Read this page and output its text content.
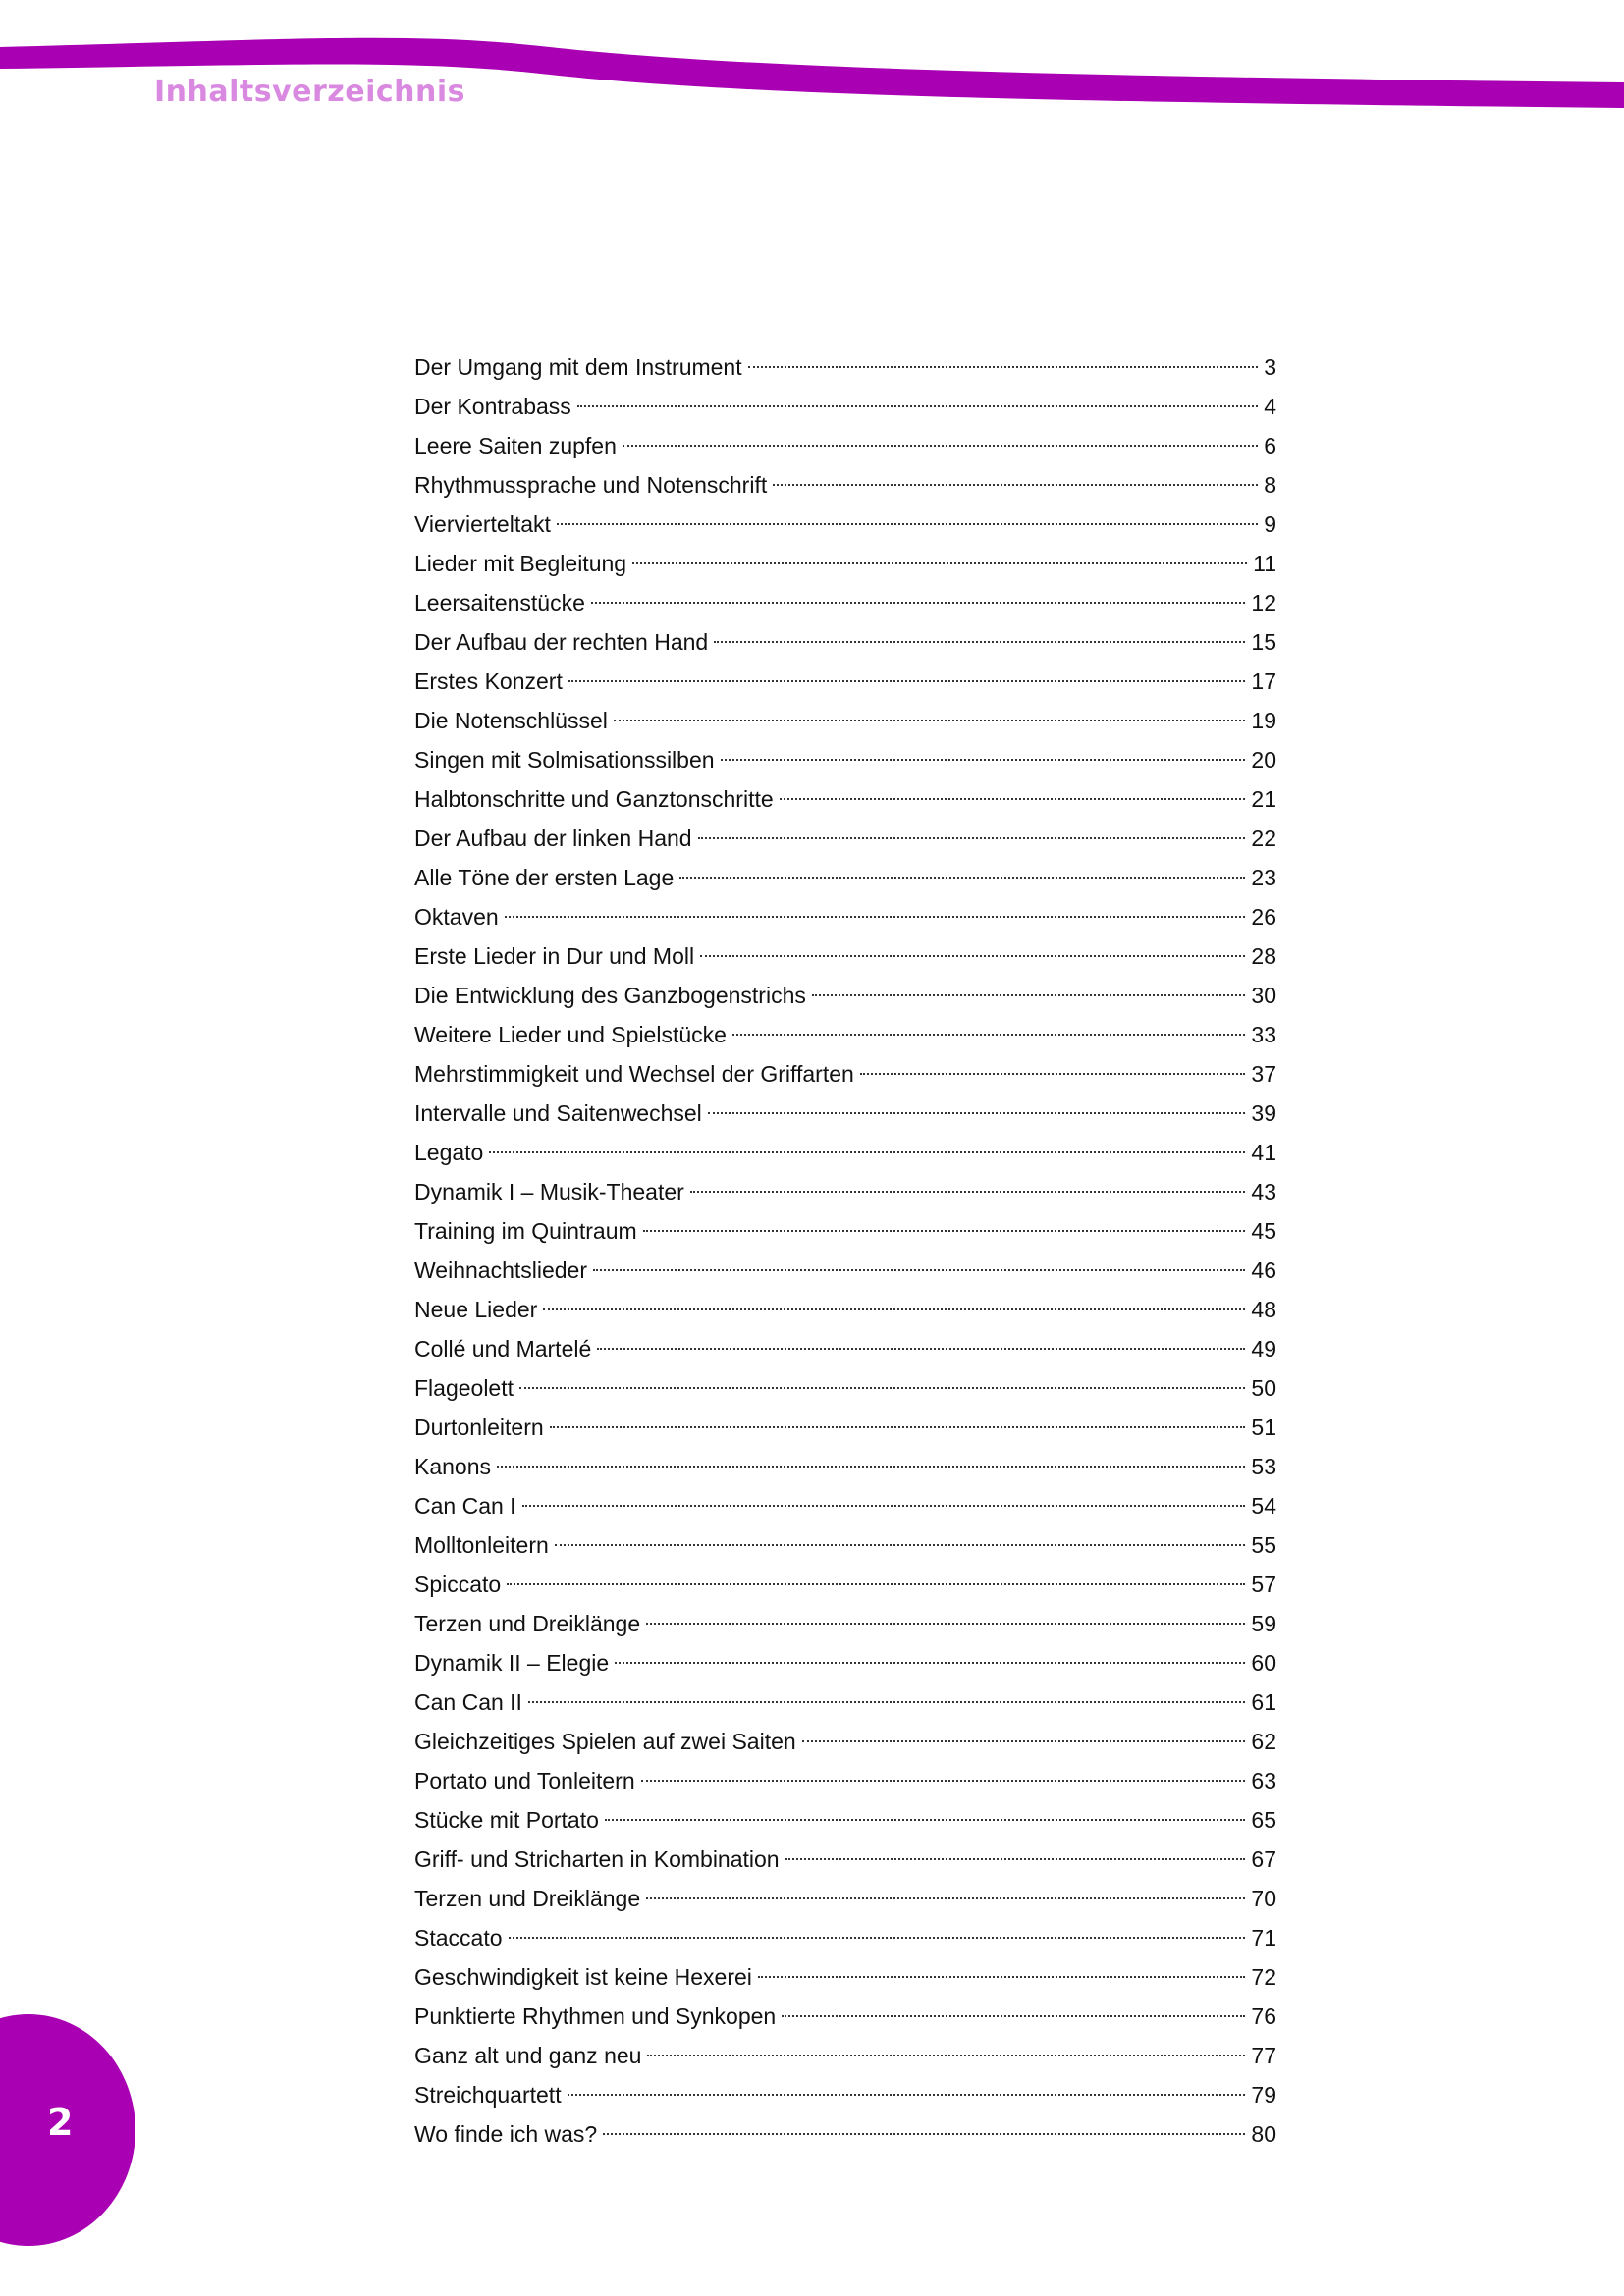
Inhaltsverzeichnis
Der Umgang mit dem Instrument	3
Der Kontrabass	4
Leere Saiten zupfen	6
Rhythmussprache und Notenschrift	8
Viervierteltakt	9
Lieder mit Begleitung	11
Leersaitenstücke	12
Der Aufbau der rechten Hand	15
Erstes Konzert	17
Die Notenschlüssel	19
Singen mit Solmisationssilben	20
Halbtonschritte und Ganztonschritte	21
Der Aufbau der linken Hand	22
Alle Töne der ersten Lage	23
Oktaven	26
Erste Lieder in Dur und Moll	28
Die Entwicklung des Ganzbogenstrichs	30
Weitere Lieder und Spielstücke	33
Mehrstimmigkeit und Wechsel der Griffarten	37
Intervalle und Saitenwechsel	39
Legato	41
Dynamik I – Musik-Theater	43
Training im Quintraum	45
Weihnachtslieder	46
Neue Lieder	48
Collé und Martelé	49
Flageolett	50
Durtonleitern	51
Kanons	53
Can Can I	54
Molltonleitern	55
Spiccato	57
Terzen und Dreiklänge	59
Dynamik II – Elegie	60
Can Can II	61
Gleichzeitiges Spielen auf zwei Saiten	62
Portato und Tonleitern	63
Stücke mit Portato	65
Griff- und Stricharten in Kombination	67
Terzen und Dreiklänge	70
Staccato	71
Geschwindigkeit ist keine Hexerei	72
Punktierte Rhythmen und Synkopen	76
Ganz alt und ganz neu	77
Streichquartett	79
Wo finde ich was?	80
2
